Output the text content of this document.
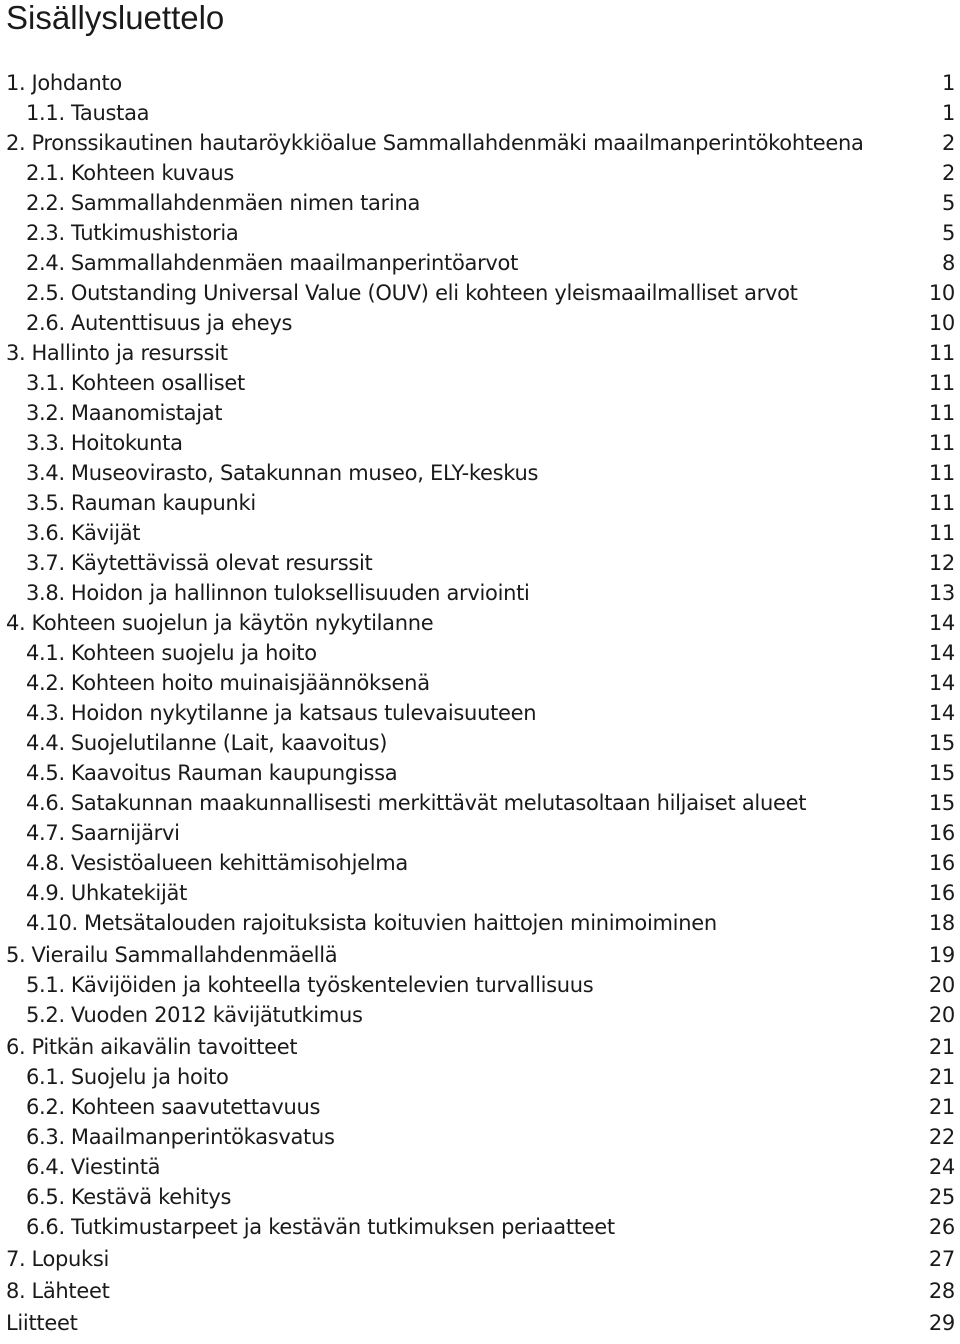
Sisällysluettelo
1. Johdanto	1
1.1. Taustaa	1
2. Pronssikautinen hautaröykkiöalue Sammallahdenmäki maailmanperintökohteena	2
2.1. Kohteen kuvaus	2
2.2. Sammallahdenmäen nimen tarina	5
2.3. Tutkimushistoria	5
2.4. Sammallahdenmäen maailmanperintöarvot	8
2.5. Outstanding Universal Value (OUV) eli kohteen yleismaailmalliset arvot	10
2.6. Autenttisuus ja eheys	10
3. Hallinto ja resurssit	11
3.1. Kohteen osalliset	11
3.2. Maanomistajat	11
3.3. Hoitokunta	11
3.4. Museovirasto, Satakunnan museo, ELY-keskus	11
3.5. Rauman kaupunki	11
3.6. Kävijät	11
3.7. Käytettävissä olevat resurssit	12
3.8. Hoidon ja hallinnon tuloksellisuuden arviointi	13
4. Kohteen suojelun ja käytön nykytilanne	14
4.1. Kohteen suojelu ja hoito	14
4.2. Kohteen hoito muinaisjäännöksenä	14
4.3. Hoidon nykytilanne ja katsaus tulevaisuuteen	14
4.4. Suojelutilanne (Lait, kaavoitus)	15
4.5. Kaavoitus Rauman kaupungissa	15
4.6. Satakunnan maakunnallisesti merkittävät melutasoltaan hiljaiset alueet	15
4.7. Saarnijärvi	16
4.8. Vesistöalueen kehittämisohjelma	16
4.9. Uhkatekijät	16
4.10. Metsätalouden rajoituksista koituvien haittojen minimoiminen	18
5. Vierailu Sammallahdenmäellä	19
5.1. Kävijöiden ja kohteella työskentelevien turvallisuus	20
5.2. Vuoden 2012 kävijätutkimus	20
6. Pitkän aikavälin tavoitteet	21
6.1. Suojelu ja hoito	21
6.2. Kohteen saavutettavuus	21
6.3. Maailmanperintökasvatus	22
6.4. Viestintä	24
6.5. Kestävä kehitys	25
6.6. Tutkimustarpeet ja kestävän tutkimuksen periaatteet	26
7. Lopuksi	27
8. Lähteet	28
Liitteet	29
